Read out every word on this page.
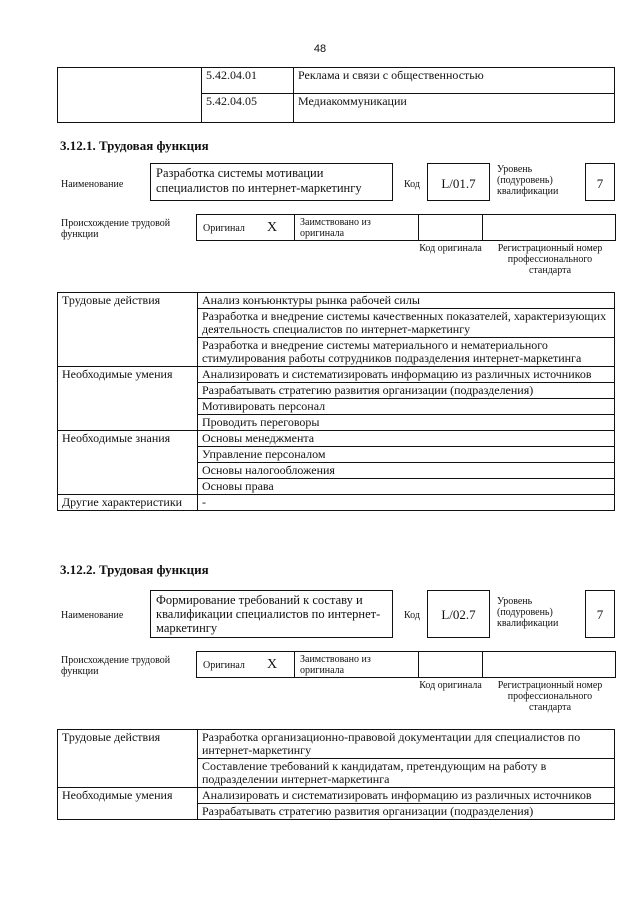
48
	5.42.04.01	Реклама и связи с общественностью
	5.42.04.05	Медиакоммуникации
3.12.1. Трудовая функция
Наименование
Разработка системы мотивации специалистов по интернет-маркетингу	Код	L/01.7
Уровень (подуровень) квалификации
7
Происхождение трудовой функции
Оригинал X Заимствовано из оригинала
Код оригинала	Регистрационный номер профессионального стандарта
Трудовые действия	Анализ конъюнктуры рынка рабочей силы
	Разработка и внедрение системы качественных показателей, характеризующих деятельность специалистов по интернет-маркетингу
	Разработка и внедрение системы материального и нематериального стимулирования работы сотрудников подразделения интернет-маркетинга
Необходимые умения	Анализировать и систематизировать информацию из различных источников
	Разрабатывать стратегию развития организации (подразделения)
	Мотивировать персонал
	Проводить переговоры
Необходимые знания	Основы менеджмента
	Управление персоналом
	Основы налогообложения
	Основы права
Другие характеристики	-
3.12.2. Трудовая функция
Наименование
Формирование требований к составу и квалификации специалистов по интернет-маркетингу
Код	L/02.7
Уровень (подуровень) квалификации
7
Происхождение трудовой функции
Оригинал X Заимствовано из оригинала
Код оригинала	Регистрационный номер профессионального стандарта
Трудовые действия	Разработка организационно-правовой документации для специалистов по интернет-маркетингу
	Составление требований к кандидатам, претендующим на работу в подразделении интернет-маркетинга
Необходимые умения	Анализировать и систематизировать информацию из различных источников
	Разрабатывать стратегию развития организации (подразделения)
